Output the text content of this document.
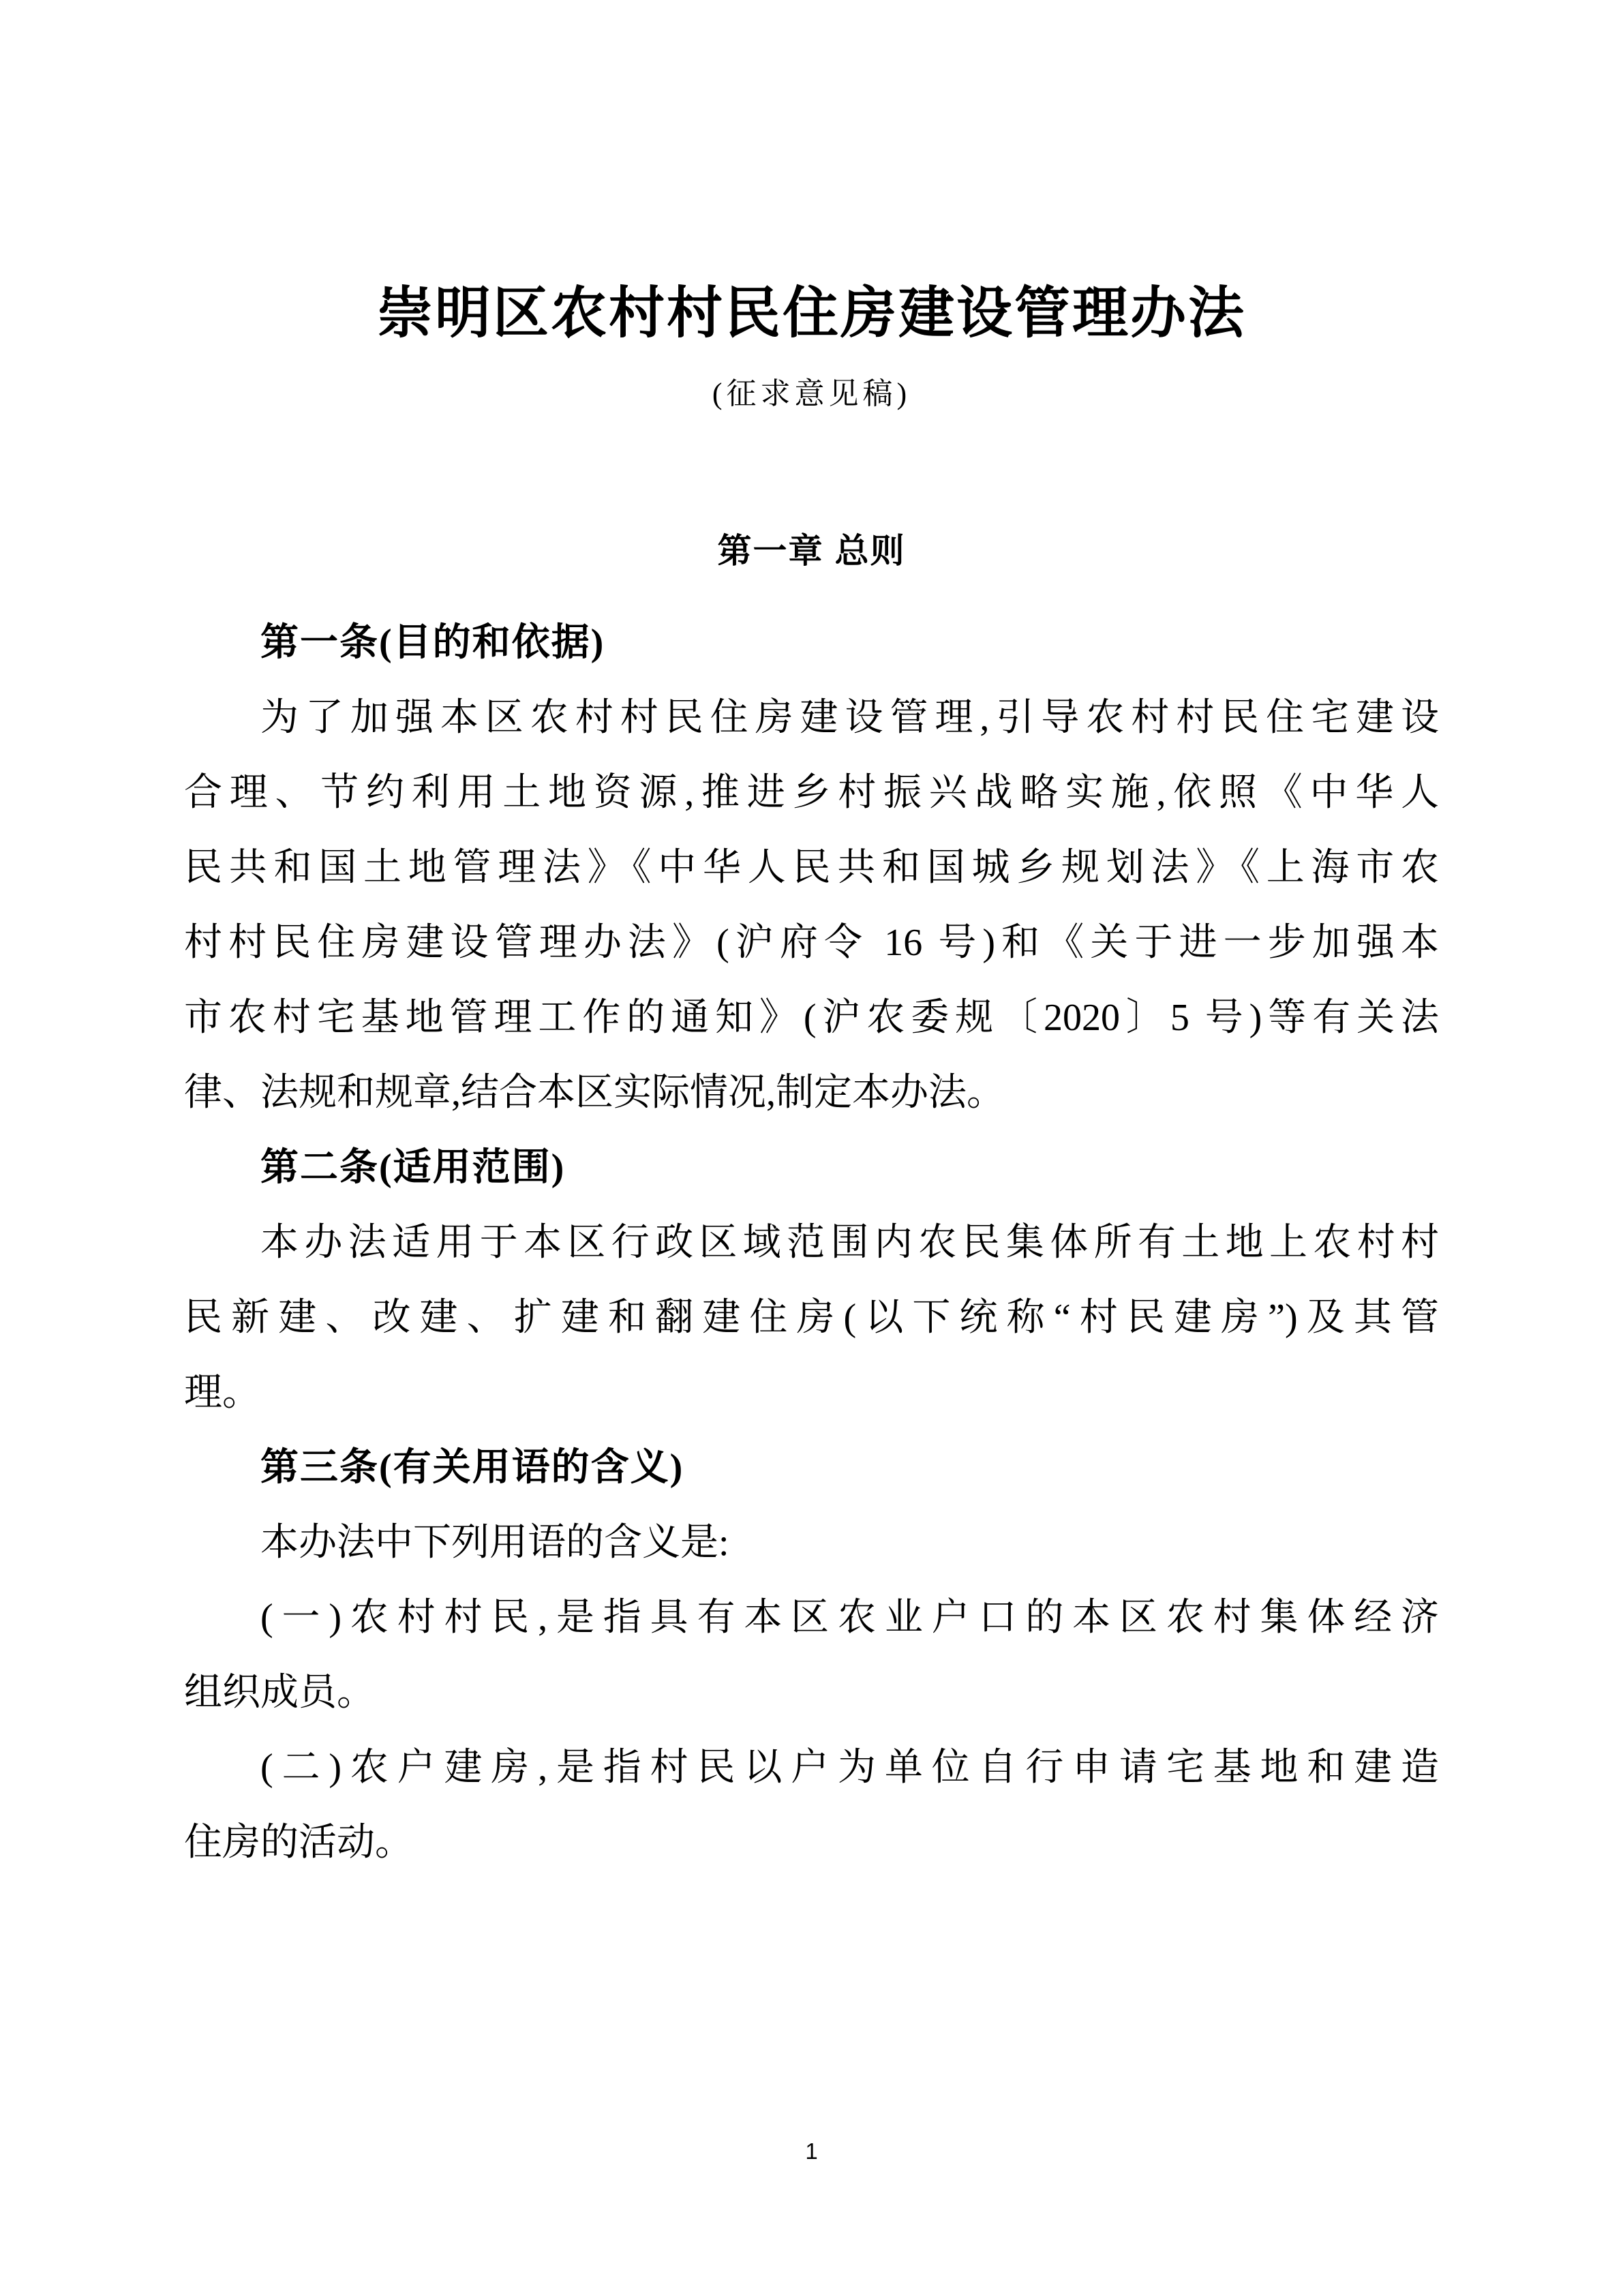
崇明区农村村民住房建设管理办法
(征求意见稿)
第一章 总则

第一条(目的和依据)

为了加强本区农村村民住房建设管理,引导农村村民住宅建设

合理、节约利用土地资源,推进乡村振兴战略实施,依照《中华人

民共和国土地管理法》《中华人民共和国城乡规划法》《上海市农

村村民住房建设管理办法》(沪府令 16 号)和《关于进一步加强本

市农村宅基地管理工作的通知》(沪农委规〔2020〕5 号)等有关法

律、法规和规章,结合本区实际情况,制定本办法。

第二条(适用范围)

本办法适用于本区行政区域范围内农民集体所有土地上农村村

民新建、改建、扩建和翻建住房(以下统称“村民建房”)及其管

理。

第三条(有关用语的含义)

本办法中下列用语的含义是:

(一)农村村民,是指具有本区农业户口的本区农村集体经济

组织成员。

(二)农户建房,是指村民以户为单位自行申请宅基地和建造

住房的活动。

1
